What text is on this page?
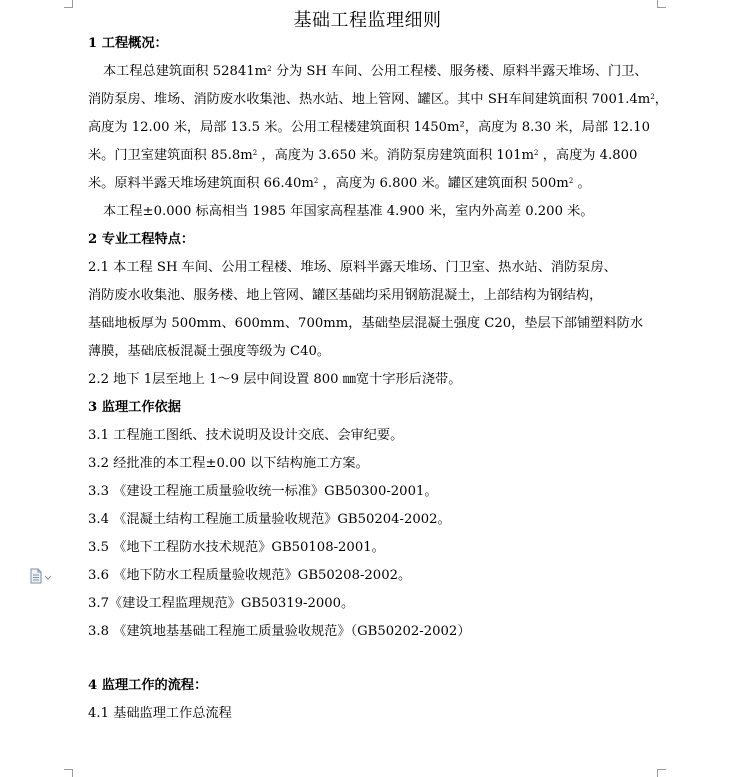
基础工程监理细则
1 工程概况：
本工程总建筑面积 $52841m^2$ 分为 SH 车间、公用工程楼、服务楼、原料半露天堆场、门卫、
消防泵房、堆场、消防废水收集池、热水站、地上管网、罐区。其中 SH车间建筑面积 $7001.4m^2$，
高度为 12.00 米，局部 13.5 米。公用工程楼建筑面积 1450m²，高度为 8.30 米，局部 12.10
米。门卫室建筑面积 $85.8m^2$ ，高度为 3.650 米。消防泵房建筑面积 $101m^2$ ，高度为 4.800
米。原料半露天堆场建筑面积 $66.40m^2$ ，高度为 6.800 米。罐区建筑面积 $500m^2$ 。
本工程±0.000 标高相当 1985 年国家高程基准 4.900 米，室内外高差 0.200 米。
2 专业工程特点：
2.1 本工程 SH 车间、公用工程楼、堆场、原料半露天堆场、门卫室、热水站、消防泵房、
消防废水收集池、服务楼、地上管网、罐区基础均采用钢筋混凝土，上部结构为钢结构，
基础地板厚为 500mm、600mm、700mm，基础垫层混凝土强度 C20，垫层下部铺塑料防水
薄膜，基础底板混凝土强度等级为 C40。
2.2 地下 1层至地上 1～9 层中间设置 800 ㎜宽十字形后浇带。
3 监理工作依据
3.1 工程施工图纸、技术说明及设计交底、会审纪要。
3.2 经批准的本工程±0.00 以下结构施工方案。
3.3 《建设工程施工质量验收统一标准》GB50300-2001。
3.4 《混凝土结构工程施工质量验收规范》GB50204-2002。
3.5 《地下工程防水技术规范》GB50108-2001。
3.6 《地下防水工程质量验收规范》GB50208-2002。
3.7《建设工程监理规范》GB50319-2000。
3.8 《建筑地基基础工程施工质量验收规范》（GB50202-2002）
4 监理工作的流程：
4.1 基础监理工作总流程
